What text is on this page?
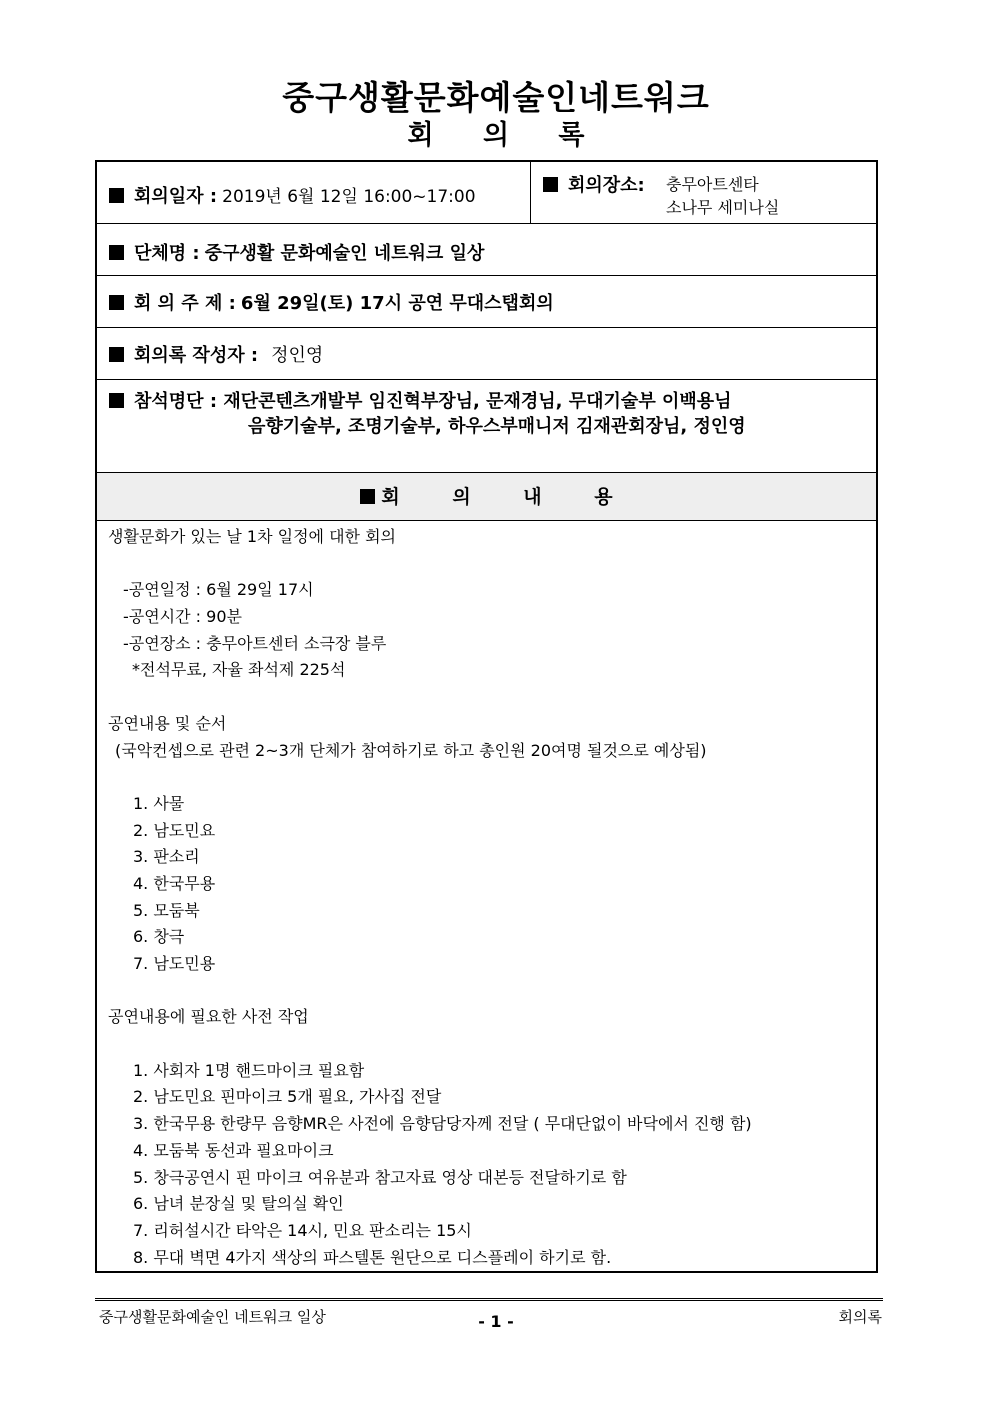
중구생활문화예술인네트워크
회 의 록
회의일자 : 2019년 6월 12일 16:00~17:00
회의장소: 충무아트센타
소나무 세미나실
단체명 : 중구생활 문화예술인 네트워크 일상
회 의 주 제 : 6월 29일(토) 17시 공연 무대스탭회의
회의록 작성자 : 정인영
참석명단 : 재단콘텐츠개발부 임진혁부장님, 문재경님, 무대기술부 이백용님
음향기술부, 조명기술부, 하우스부매니저 김재관회장님, 정인영
회 의 내 용
생활문화가 있는 날 1차 일정에 대한 회의
-공연일정 : 6월 29일 17시
-공연시간 : 90분
-공연장소 : 충무아트센터 소극장 블루
*전석무료, 자율 좌석제 225석
공연내용 및 순서
(국악컨셉으로 관련 2~3개 단체가 참여하기로 하고 총인원 20여명 될것으로 예상됨)
1. 사물
2. 남도민요
3. 판소리
4. 한국무용
5. 모둠북
6. 창극
7. 남도민용
공연내용에 필요한 사전 작업
1. 사회자 1명 핸드마이크 필요함
2. 남도민요 핀마이크 5개 필요, 가사집 전달
3. 한국무용 한량무 음향MR은 사전에 음향담당자께 전달 ( 무대단없이 바닥에서 진행 함)
4. 모둠북 동선과 필요마이크
5. 창극공연시 핀 마이크 여유분과 참고자료 영상 대본등 전달하기로 함
6. 남녀 분장실 및 탈의실 확인
7. 리허설시간 타악은 14시, 민요 판소리는 15시
8. 무대 벽면 4가지 색상의 파스텔톤 원단으로 디스플레이 하기로 함.
중구생활문화예술인 네트워크 일상	- 1 -	회의록
